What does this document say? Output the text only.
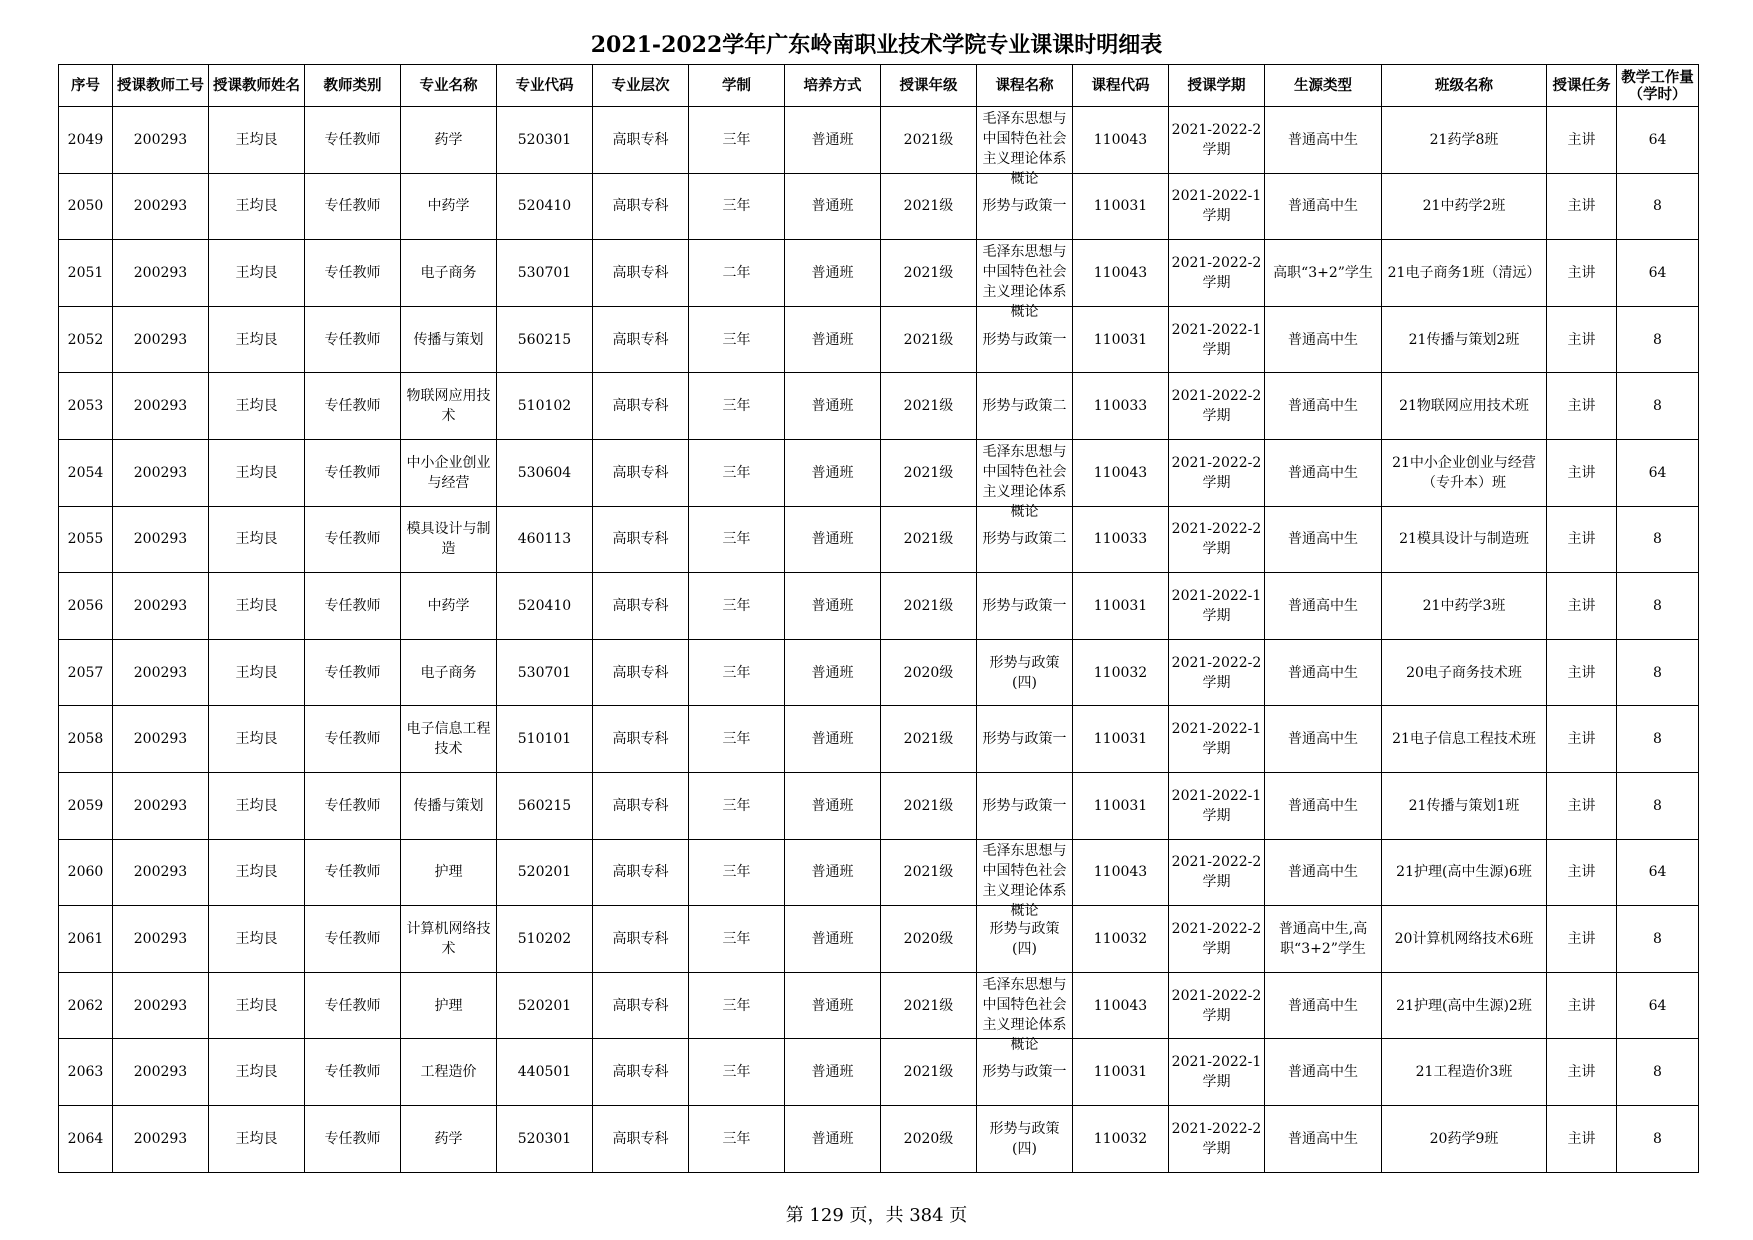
2021-2022学年广东岭南职业技术学院专业课课时明细表
序号	授课教师工号	授课教师姓名	教师类别	专业名称	专业代码	专业层次	学制	培养方式	授课年级	课程名称	课程代码	授课学期	生源类型	班级名称	授课任务	教学工作量（学时）

2049	200293	王均艮	专任教师	药学	520301	高职专科	三年	普通班	2021级	毛泽东思想与中国特色社会主义理论体系概论	110043	2021-2022-2学期	普通高中生	21药学8班	主讲	64

2050	200293	王均艮	专任教师	中药学	520410	高职专科	三年	普通班	2021级	形势与政策一	110031	2021-2022-1学期	普通高中生	21中药学2班	主讲	8

2051	200293	王均艮	专任教师	电子商务	530701	高职专科	二年	普通班	2021级	毛泽东思想与中国特色社会主义理论体系概论	110043	2021-2022-2学期	高职“3+2”学生	21电子商务1班（清远）	主讲	64

2052	200293	王均艮	专任教师	传播与策划	560215	高职专科	三年	普通班	2021级	形势与政策一	110031	2021-2022-1学期	普通高中生	21传播与策划2班	主讲	8

2053	200293	王均艮	专任教师	物联网应用技术	510102	高职专科	三年	普通班	2021级	形势与政策二	110033	2021-2022-2学期	普通高中生	21物联网应用技术班	主讲	8

2054	200293	王均艮	专任教师	中小企业创业与经营	530604	高职专科	三年	普通班	2021级	毛泽东思想与中国特色社会主义理论体系概论	110043	2021-2022-2学期	普通高中生	21中小企业创业与经营（专升本）班	主讲	64

2055	200293	王均艮	专任教师	模具设计与制造	460113	高职专科	三年	普通班	2021级	形势与政策二	110033	2021-2022-2学期	普通高中生	21模具设计与制造班	主讲	8

2056	200293	王均艮	专任教师	中药学	520410	高职专科	三年	普通班	2021级	形势与政策一	110031	2021-2022-1学期	普通高中生	21中药学3班	主讲	8

2057	200293	王均艮	专任教师	电子商务	530701	高职专科	三年	普通班	2020级	形势与政策(四)	110032	2021-2022-2学期	普通高中生	20电子商务技术班	主讲	8

2058	200293	王均艮	专任教师	电子信息工程技术	510101	高职专科	三年	普通班	2021级	形势与政策一	110031	2021-2022-1学期	普通高中生	21电子信息工程技术班	主讲	8

2059	200293	王均艮	专任教师	传播与策划	560215	高职专科	三年	普通班	2021级	形势与政策一	110031	2021-2022-1学期	普通高中生	21传播与策划1班	主讲	8

2060	200293	王均艮	专任教师	护理	520201	高职专科	三年	普通班	2021级	毛泽东思想与中国特色社会主义理论体系概论	110043	2021-2022-2学期	普通高中生	21护理(高中生源)6班	主讲	64

2061	200293	王均艮	专任教师	计算机网络技术	510202	高职专科	三年	普通班	2020级	形势与政策(四)	110032	2021-2022-2学期	普通高中生,高职“3+2”学生	20计算机网络技术6班	主讲	8

2062	200293	王均艮	专任教师	护理	520201	高职专科	三年	普通班	2021级	毛泽东思想与中国特色社会主义理论体系概论	110043	2021-2022-2学期	普通高中生	21护理(高中生源)2班	主讲	64

2063	200293	王均艮	专任教师	工程造价	440501	高职专科	三年	普通班	2021级	形势与政策一	110031	2021-2022-1学期	普通高中生	21工程造价3班	主讲	8

2064	200293	王均艮	专任教师	药学	520301	高职专科	三年	普通班	2020级	形势与政策(四)	110032	2021-2022-2学期	普通高中生	20药学9班	主讲	8
第 129 页，共 384 页
